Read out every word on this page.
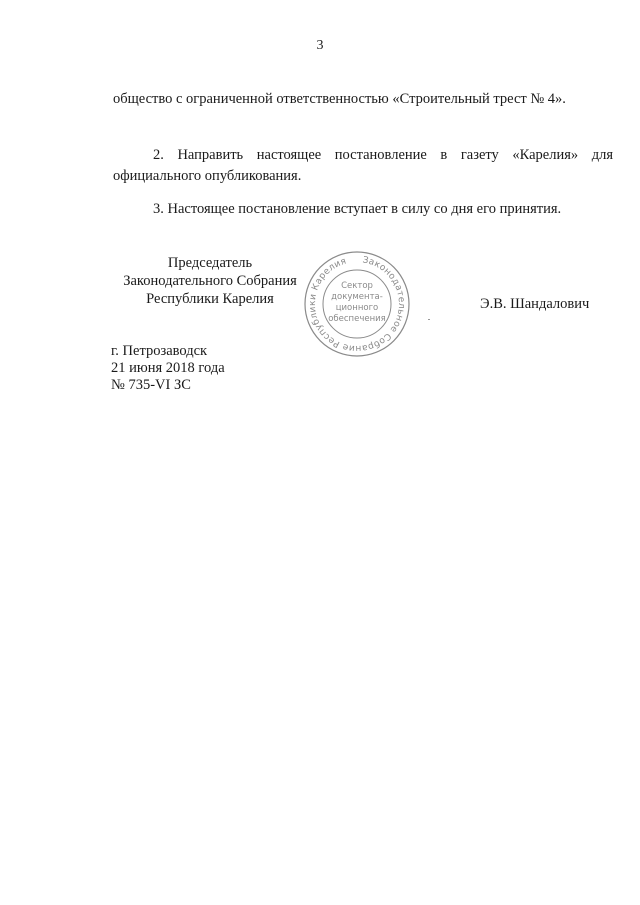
3

общество с ограниченной ответственностью «Строительный трест № 4».

2. Направить настоящее постановление в газету «Карелия» для официального опубликования.

3. Настоящее постановление вступает в силу со дня его принятия.

Председатель
Законодательного Собрания
Республики Карелия
Законодательное Собрание Республики Карелия
Сектор
документа-
ционного
обеспечения
Э.В. Шандалович
г. Петрозаводск
21 июня 2018 года
№ 735-VI ЗС
